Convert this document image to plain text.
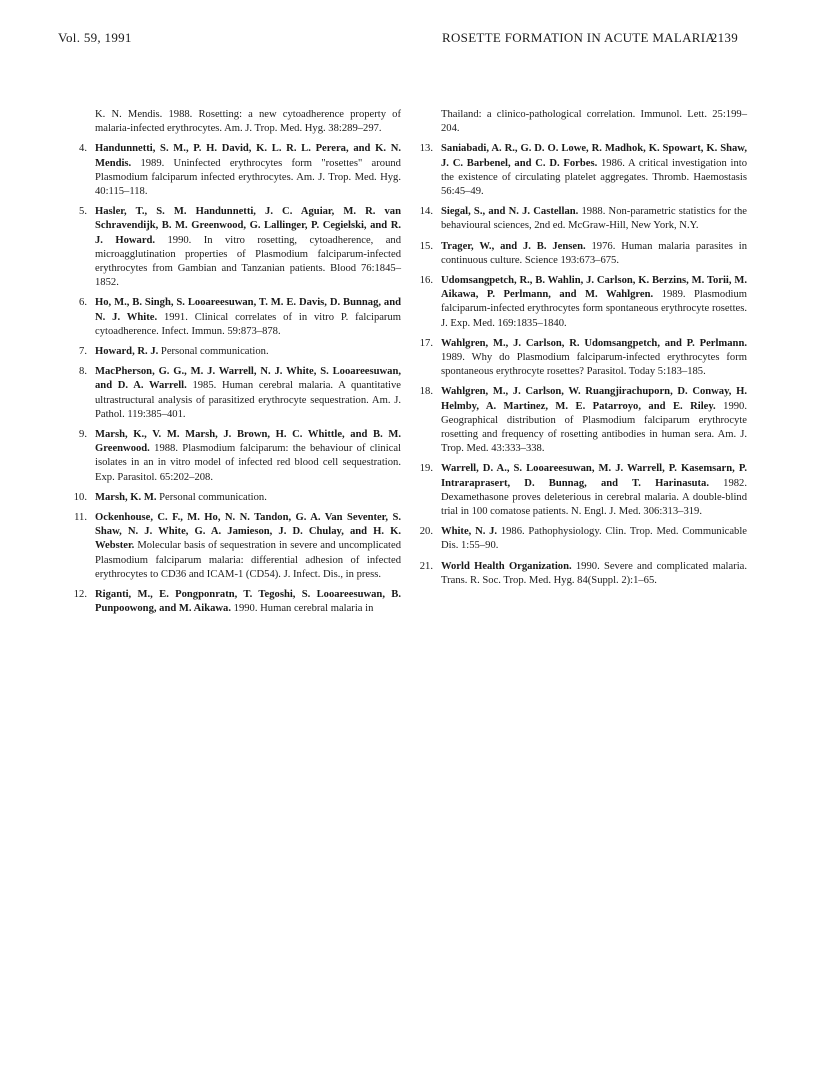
Vol. 59, 1991	ROSETTE FORMATION IN ACUTE MALARIA
2139
K. N. Mendis. 1988. Rosetting: a new cytoadherence property of malaria-infected erythrocytes. Am. J. Trop. Med. Hyg. 38:289–297.
4. Handunnetti, S. M., P. H. David, K. L. R. L. Perera, and K. N. Mendis. 1989. Uninfected erythrocytes form "rosettes" around Plasmodium falciparum infected erythrocytes. Am. J. Trop. Med. Hyg. 40:115–118.
5. Hasler, T., S. M. Handunnetti, J. C. Aguiar, M. R. van Schravendijk, B. M. Greenwood, G. Lallinger, P. Cegielski, and R. J. Howard. 1990. In vitro rosetting, cytoadherence, and microagglutination properties of Plasmodium falciparum-infected erythrocytes from Gambian and Tanzanian patients. Blood 76:1845–1852.
6. Ho, M., B. Singh, S. Looareesuwan, T. M. E. Davis, D. Bunnag, and N. J. White. 1991. Clinical correlates of in vitro P. falciparum cytoadherence. Infect. Immun. 59:873–878.
7. Howard, R. J. Personal communication.
8. MacPherson, G. G., M. J. Warrell, N. J. White, S. Looareesuwan, and D. A. Warrell. 1985. Human cerebral malaria. A quantitative ultrastructural analysis of parasitized erythrocyte sequestration. Am. J. Pathol. 119:385–401.
9. Marsh, K., V. M. Marsh, J. Brown, H. C. Whittle, and B. M. Greenwood. 1988. Plasmodium falciparum: the behaviour of clinical isolates in an in vitro model of infected red blood cell sequestration. Exp. Parasitol. 65:202–208.
10. Marsh, K. M. Personal communication.
11. Ockenhouse, C. F., M. Ho, N. N. Tandon, G. A. Van Seventer, S. Shaw, N. J. White, G. A. Jamieson, J. D. Chulay, and H. K. Webster. Molecular basis of sequestration in severe and uncomplicated Plasmodium falciparum malaria: differential adhesion of infected erythrocytes to CD36 and ICAM-1 (CD54). J. Infect. Dis., in press.
12. Riganti, M., E. Pongponratn, T. Tegoshi, S. Looareesuwan, B. Punpoowong, and M. Aikawa. 1990. Human cerebral malaria in
Thailand: a clinico-pathological correlation. Immunol. Lett. 25:199–204.
13. Saniabadi, A. R., G. D. O. Lowe, R. Madhok, K. Spowart, K. Shaw, J. C. Barbenel, and C. D. Forbes. 1986. A critical investigation into the existence of circulating platelet aggregates. Thromb. Haemostasis 56:45–49.
14. Siegal, S., and N. J. Castellan. 1988. Non-parametric statistics for the behavioural sciences, 2nd ed. McGraw-Hill, New York, N.Y.
15. Trager, W., and J. B. Jensen. 1976. Human malaria parasites in continuous culture. Science 193:673–675.
16. Udomsangpetch, R., B. Wahlin, J. Carlson, K. Berzins, M. Torii, M. Aikawa, P. Perlmann, and M. Wahlgren. 1989. Plasmodium falciparum-infected erythrocytes form spontaneous erythrocyte rosettes. J. Exp. Med. 169:1835–1840.
17. Wahlgren, M., J. Carlson, R. Udomsangpetch, and P. Perlmann. 1989. Why do Plasmodium falciparum-infected erythrocytes form spontaneous erythrocyte rosettes? Parasitol. Today 5:183–185.
18. Wahlgren, M., J. Carlson, W. Ruangjirachuporn, D. Conway, H. Helmby, A. Martinez, M. E. Patarroyo, and E. Riley. 1990. Geographical distribution of Plasmodium falciparum erythrocyte rosetting and frequency of rosetting antibodies in human sera. Am. J. Trop. Med. 43:333–338.
19. Warrell, D. A., S. Looareesuwan, M. J. Warrell, P. Kasemsarn, P. Intraraprasert, D. Bunnag, and T. Harinasuta. 1982. Dexamethasone proves deleterious in cerebral malaria. A double-blind trial in 100 comatose patients. N. Engl. J. Med. 306:313–319.
20. White, N. J. 1986. Pathophysiology. Clin. Trop. Med. Communicable Dis. 1:55–90.
21. World Health Organization. 1990. Severe and complicated malaria. Trans. R. Soc. Trop. Med. Hyg. 84(Suppl. 2):1–65.
